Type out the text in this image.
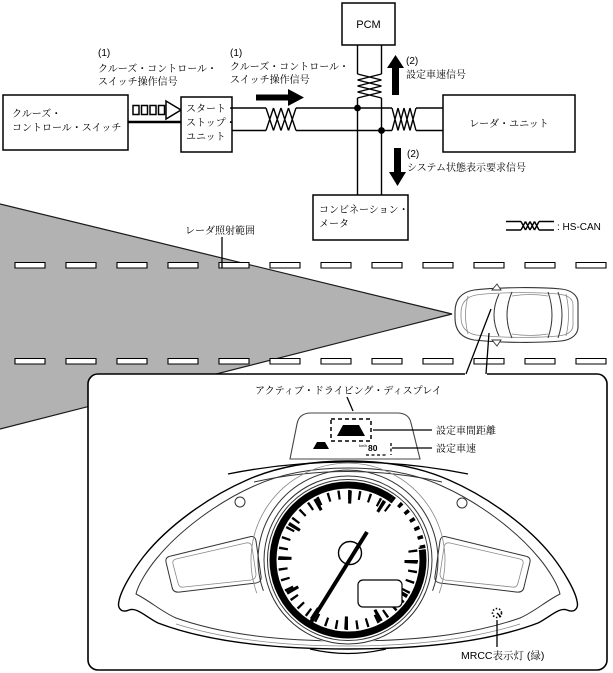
レーダ照射範囲
PCM
クルーズ・
コントロール・スイッチ
スタート・
ストップ・
ユニット
レーダ・ユニット
コンビネーション・
メータ
(1)
クルーズ・コントロール・
スイッチ操作信号
(1)
クルーズ・コントロール・
スイッチ操作信号
(2)
設定車速信号
(2)
システム状態表示要求信号
: HS-CAN
km/h 80
アクティブ・ドライビング・ディスプレイ
設定車間距離
設定車速
MRCC表示灯 (緑)
